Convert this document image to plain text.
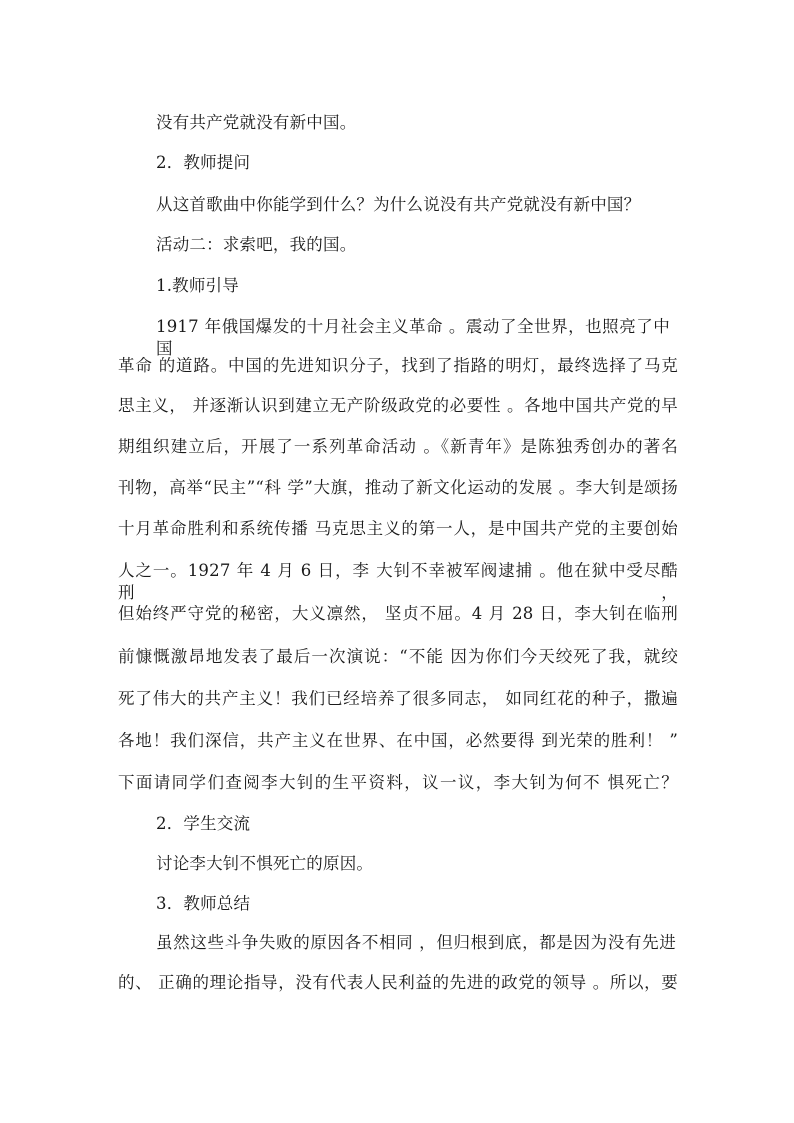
没有共产党就没有新中国。
2．教师提问
从这首歌曲中你能学到什么？为什么说没有共产党就没有新中国？
活动二：求索吧，我的国。
1.教师引导
1917 年俄国爆发的十月社会主义革命 。震动了全世界，也照亮了中国
革命 的道路。中国的先进知识分子，找到了指路的明灯，最终选择了马克
思主义， 并逐渐认识到建立无产阶级政党的必要性 。各地中国共产党的早
期组织建立后，开展了一系列革命活动 。《新青年》是陈独秀创办的著名
刊物，高举“民主”“科 学”大旗，推动了新文化运动的发展 。李大钊是颂扬
十月革命胜利和系统传播 马克思主义的第一人，是中国共产党的主要创始
人之一。1927 年 4 月 6 日，李 大钊不幸被军阀逮捕 。他在狱中受尽酷刑，
但始终严守党的秘密，大义凛然， 坚贞不屈。4 月 28 日，李大钊在临刑
前慷慨激昂地发表了最后一次演说：“不能 因为你们今天绞死了我，就绞
死了伟大的共产主义！我们已经培养了很多同志， 如同红花的种子，撒遍
各地！我们深信，共产主义在世界、在中国，必然要得 到光荣的胜利！ ”
下面请同学们查阅李大钊的生平资料，议一议，李大钊为何不 惧死亡？
2．学生交流
讨论李大钊不惧死亡的原因。
3．教师总结
虽然这些斗争失败的原因各不相同 ，但归根到底，都是因为没有先进
的、 正确的理论指导，没有代表人民利益的先进的政党的领导 。所以，要
